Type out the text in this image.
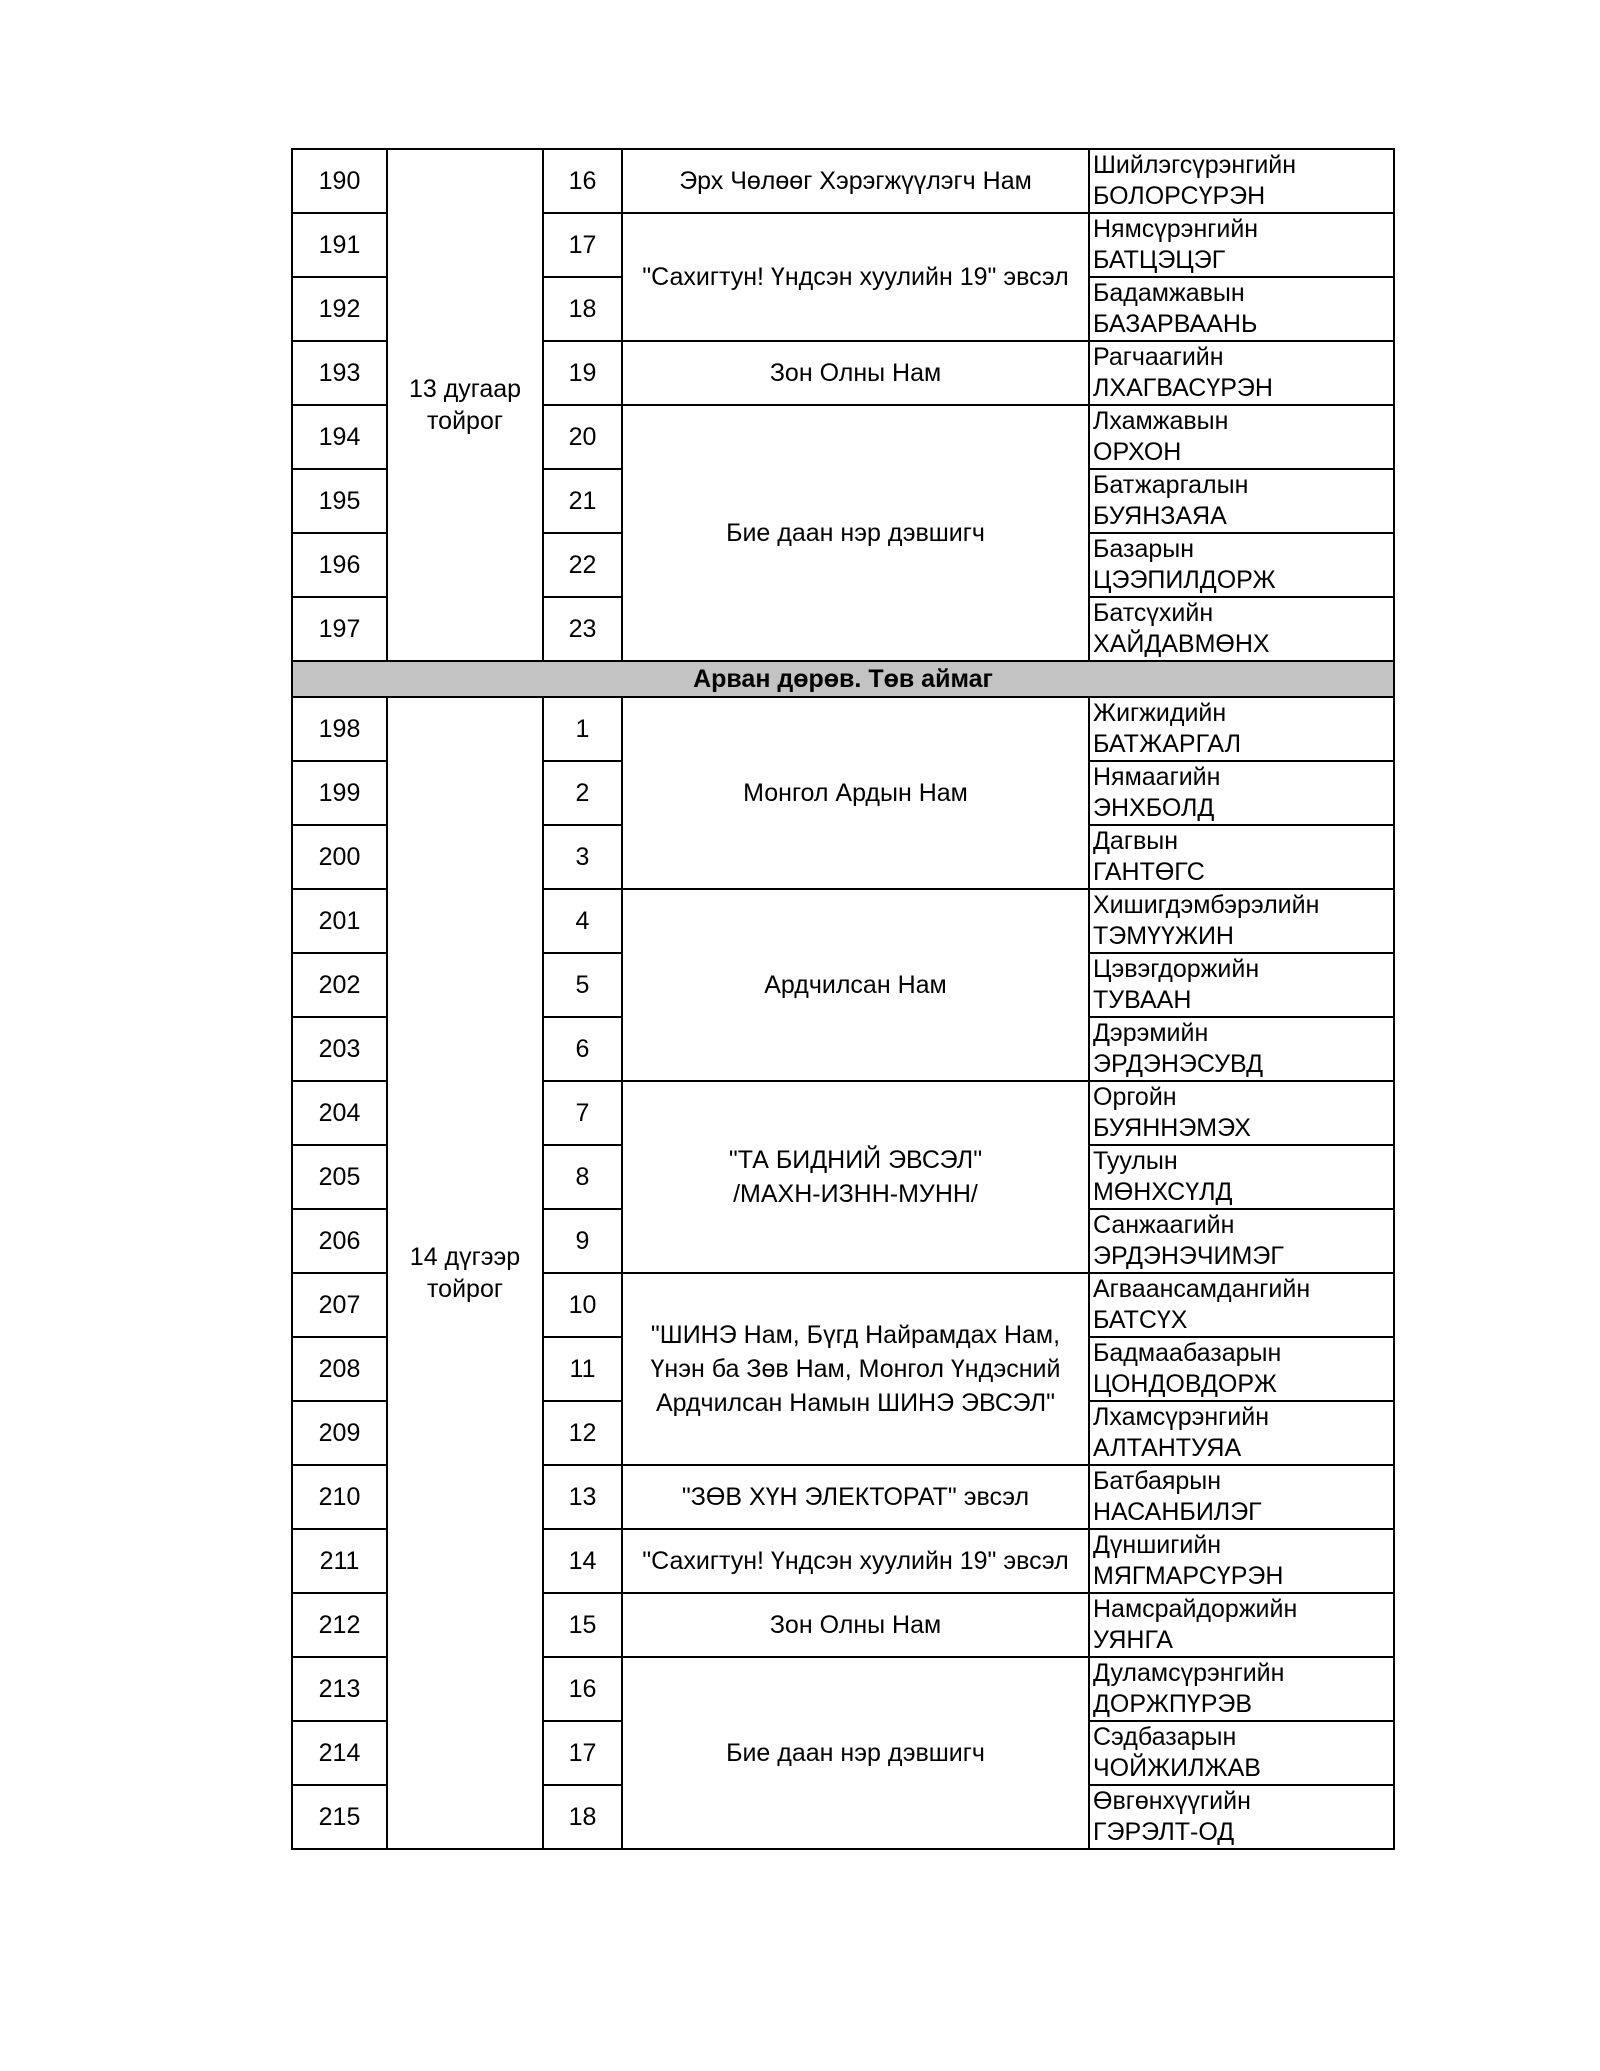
190	13 дугаар тойрог	16	Эрх Чөлөөг Хэрэгжүүлэгч Нам	Шийлэгсүрэнгийн
БОЛОРСҮРЭН

191		17	"Сахигтун! Үндсэн хуулийн 19" эвсэл	Нямсүрэнгийн
БАТЦЭЦЭГ

192		18		Бадамжавын
БАЗАРВААНЬ

193		19	Зон Олны Нам	Рагчаагийн
ЛХАГВАСҮРЭН

194		20	Бие даан нэр дэвшигч	Лхамжавын
ОРХОН

195		21		Батжаргалын
БУЯНЗАЯА

196		22		Базарын
ЦЭЭПИЛДОРЖ

197		23		Батсүхийн
ХАЙДАВМӨНХ

Арван дөрөв. Төв аймаг				
198	14 дүгээр тойрог	1	Монгол Ардын Нам	Жигжидийн
БАТЖАРГАЛ

199		2		Нямаагийн
ЭНХБОЛД

200		3		Дагвын
ГАНТӨГС

201		4	Ардчилсан Нам	Хишигдэмбэрэлийн
ТЭМҮҮЖИН

202		5		Цэвэгдоржийн
ТУВААН

203		6		Дэрэмийн
ЭРДЭНЭСУВД

204		7	"ТА БИДНИЙ ЭВСЭЛ"
/МАХН-ИЗНН-МУНН/	Оргойн
БУЯННЭМЭХ

205		8		Туулын
МӨНХСҮЛД

206		9		Санжаагийн
ЭРДЭНЭЧИМЭГ

207		10	"ШИНЭ Нам, Бүгд Найрамдах Нам,
Үнэн ба Зөв Нам, Монгол Үндэсний
Ардчилсан Намын ШИНЭ ЭВСЭЛ"	Агваансамдангийн
БАТСҮХ

208		11		Бадмаабазарын
ЦОНДОВДОРЖ

209		12		Лхамсүрэнгийн
АЛТАНТУЯА

210		13	"ЗӨВ ХҮН ЭЛЕКТОРАТ" эвсэл	Батбаярын
НАСАНБИЛЭГ

211		14	"Сахигтун! Үндсэн хуулийн 19" эвсэл	Дүншигийн
МЯГМАРСҮРЭН

212		15	Зон Олны Нам	Намсрайдоржийн
УЯНГА

213		16	Бие даан нэр дэвшигч	Дуламсүрэнгийн
ДОРЖПҮРЭВ

214		17		Сэдбазарын
ЧОЙЖИЛЖАВ

215		18		Өвгөнхүүгийн
ГЭРЭЛТ-ОД
